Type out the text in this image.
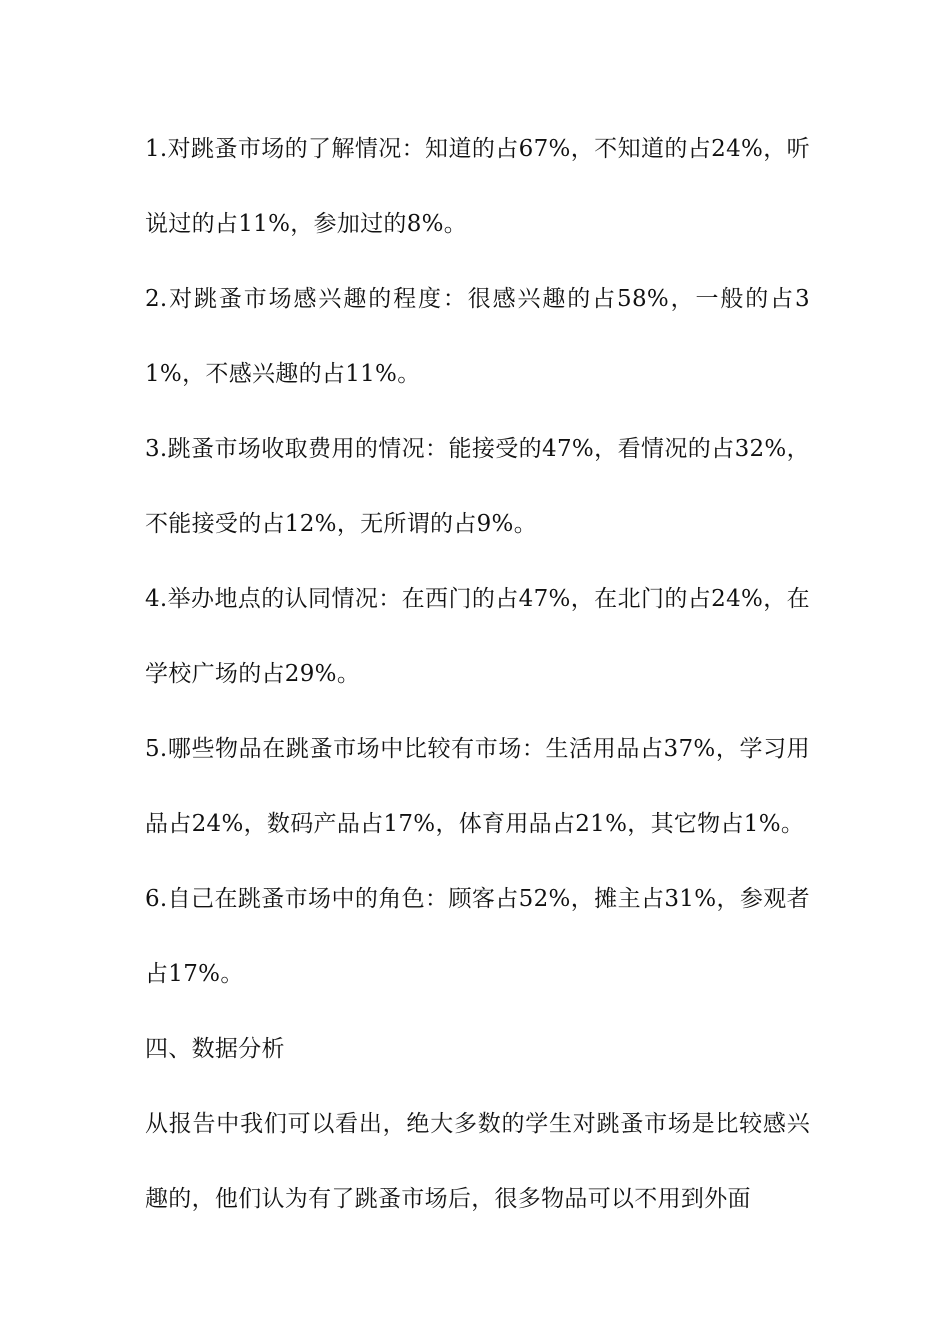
1.对跳蚤市场的了解情况：知道的占67%，不知道的占24%，听说过的占11%，参加过的8%。

2.对跳蚤市场感兴趣的程度：很感兴趣的占58%，一般的占31%，不感兴趣的占11%。

3.跳蚤市场收取费用的情况：能接受的47%，看情况的占32%，不能接受的占12%，无所谓的占9%。

4.举办地点的认同情况：在西门的占47%，在北门的占24%，在学校广场的占29%。

5.哪些物品在跳蚤市场中比较有市场：生活用品占37%，学习用品占24%，数码产品占17%，体育用品占21%，其它物占1%。

6.自己在跳蚤市场中的角色：顾客占52%，摊主占31%，参观者占17%。

四、数据分析

从报告中我们可以看出，绝大多数的学生对跳蚤市场是比较感兴趣的，他们认为有了跳蚤市场后，很多物品可以不用到外面
